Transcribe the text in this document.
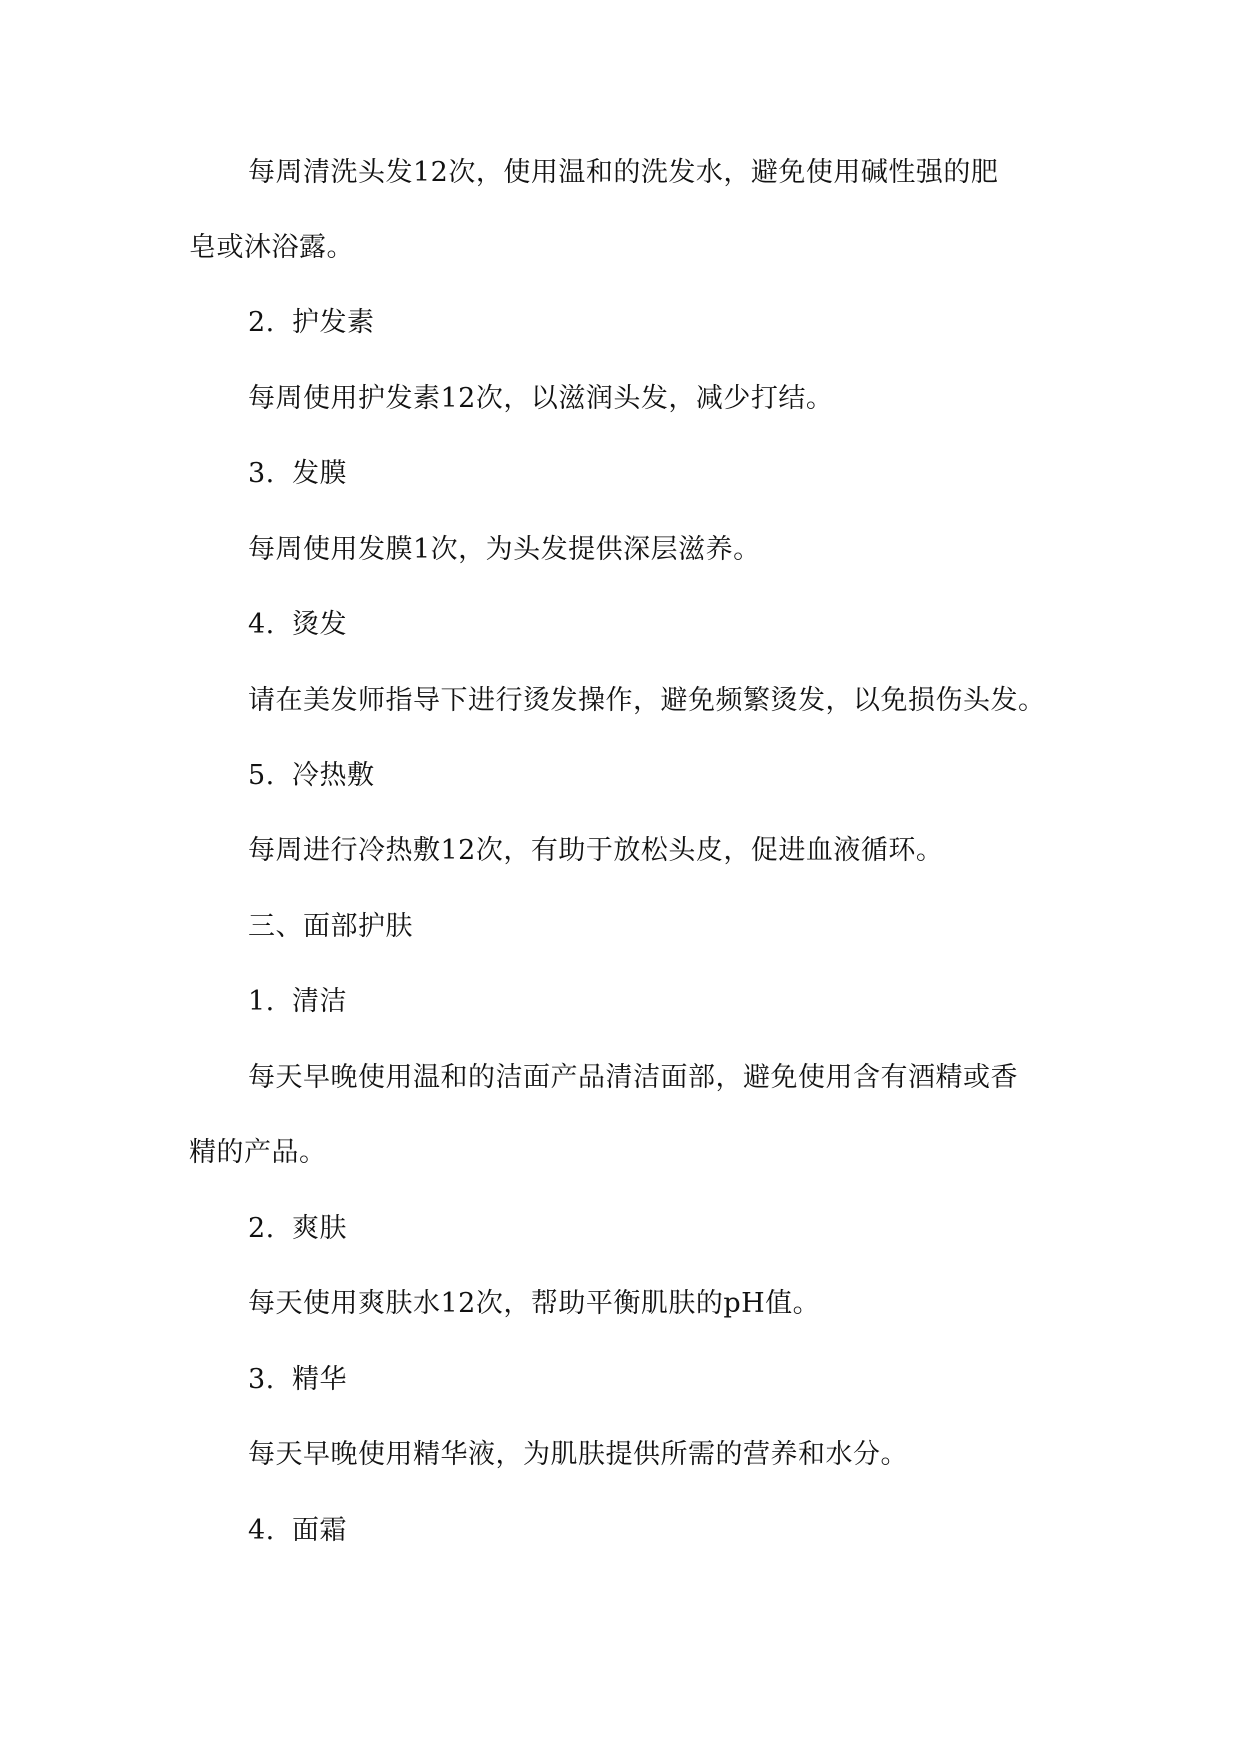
每周清洗头发12次，使用温和的洗发水，避免使用碱性强的肥
皂或沐浴露。
2. 护发素
每周使用护发素12次，以滋润头发，减少打结。
3. 发膜
每周使用发膜1次，为头发提供深层滋养。
4. 烫发
请在美发师指导下进行烫发操作，避免频繁烫发，以免损伤头发。
5. 冷热敷
每周进行冷热敷12次，有助于放松头皮，促进血液循环。
三、面部护肤
1. 清洁
每天早晚使用温和的洁面产品清洁面部，避免使用含有酒精或香
精的产品。
2. 爽肤
每天使用爽肤水12次，帮助平衡肌肤的pH值。
3. 精华
每天早晚使用精华液，为肌肤提供所需的营养和水分。
4. 面霜
